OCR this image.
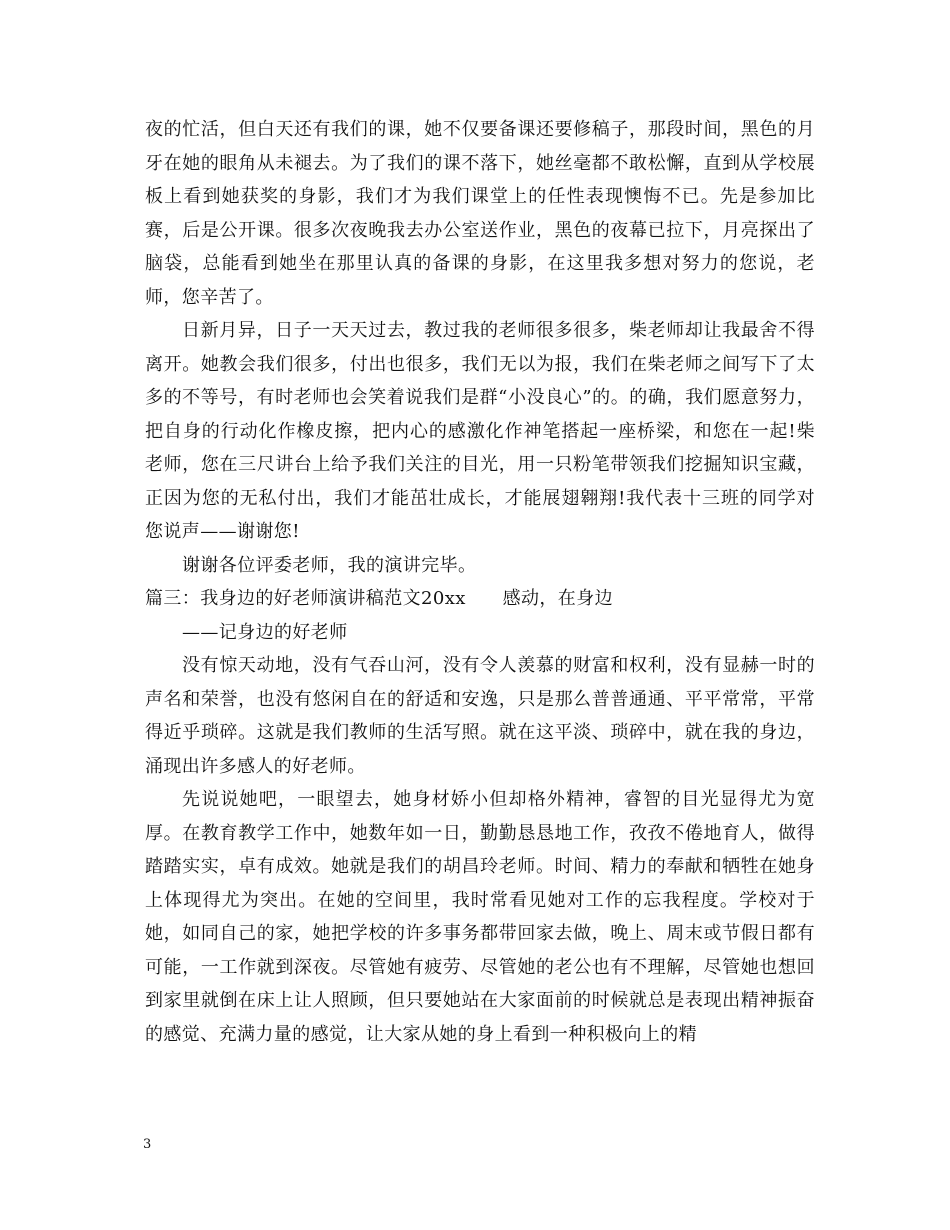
夜的忙活，但白天还有我们的课，她不仅要备课还要修稿子，那段时间，黑色的月牙在她的眼角从未褪去。为了我们的课不落下，她丝毫都不敢松懈，直到从学校展板上看到她获奖的身影，我们才为我们课堂上的任性表现懊悔不已。先是参加比赛，后是公开课。很多次夜晚我去办公室送作业，黑色的夜幕已拉下，月亮探出了脑袋，总能看到她坐在那里认真的备课的身影，在这里我多想对努力的您说，老师，您辛苦了。

日新月异，日子一天天过去，教过我的老师很多很多，柴老师却让我最舍不得离开。她教会我们很多，付出也很多，我们无以为报，我们在柴老师之间写下了太多的不等号，有时老师也会笑着说我们是群“小没良心”的。的确，我们愿意努力，把自身的行动化作橡皮擦，把内心的感激化作神笔搭起一座桥梁，和您在一起!柴老师，您在三尺讲台上给予我们关注的目光，用一只粉笔带领我们挖掘知识宝藏，正因为您的无私付出，我们才能茁壮成长，才能展翅翱翔!我代表十三班的同学对您说声——谢谢您!

谢谢各位评委老师，我的演讲完毕。

篇三：我身边的好老师演讲稿范文20xx　　感动，在身边

——记身边的好老师

没有惊天动地，没有气吞山河，没有令人羡慕的财富和权利，没有显赫一时的声名和荣誉，也没有悠闲自在的舒适和安逸，只是那么普普通通、平平常常，平常得近乎琐碎。这就是我们教师的生活写照。就在这平淡、琐碎中，就在我的身边，涌现出许多感人的好老师。

先说说她吧，一眼望去，她身材娇小但却格外精神，睿智的目光显得尤为宽厚。在教育教学工作中，她数年如一日，勤勤恳恳地工作，孜孜不倦地育人，做得踏踏实实，卓有成效。她就是我们的胡昌玲老师。时间、精力的奉献和牺牲在她身上体现得尤为突出。在她的空间里，我时常看见她对工作的忘我程度。学校对于她，如同自己的家，她把学校的许多事务都带回家去做，晚上、周末或节假日都有可能，一工作就到深夜。尽管她有疲劳、尽管她的老公也有不理解，尽管她也想回到家里就倒在床上让人照顾，但只要她站在大家面前的时候就总是表现出精神振奋的感觉、充满力量的感觉，让大家从她的身上看到一种积极向上的精

3
